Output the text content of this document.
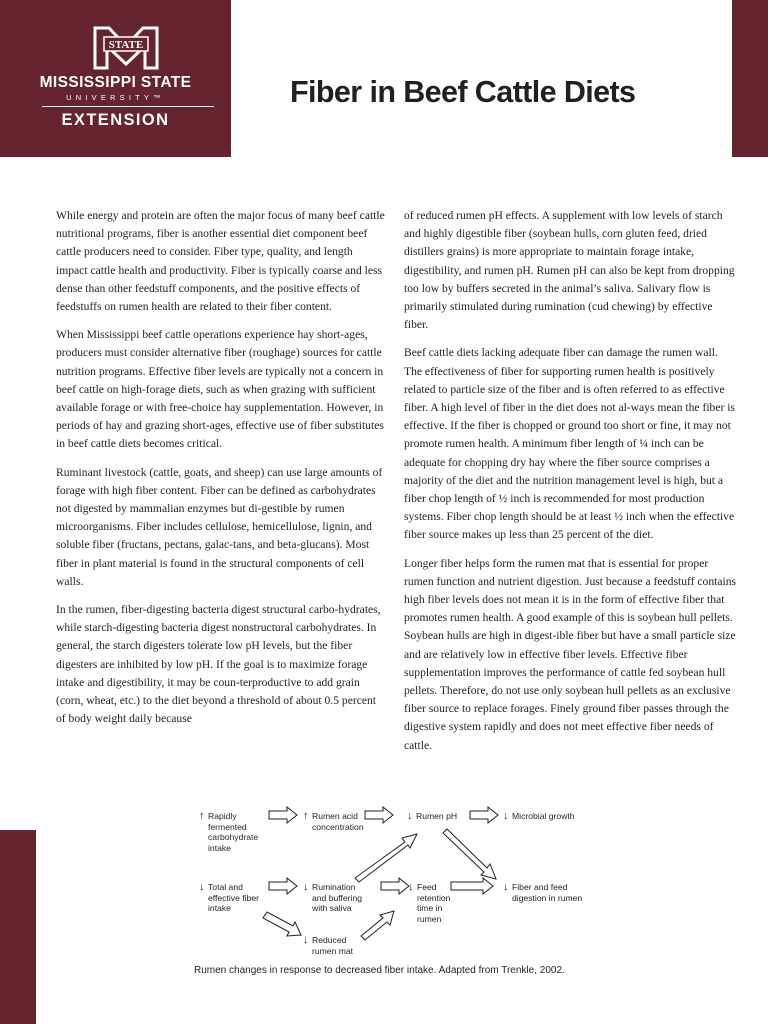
STATE
MISSISSIPPI STATE
UNIVERSITY™
EXTENSION
Fiber in Beef Cattle Diets

While energy and protein are often the major focus of many beef cattle nutritional programs, fiber is another essential diet component beef cattle producers need to consider. Fiber type, quality, and length impact cattle health and productivity. Fiber is typically coarse and less dense than other feedstuff components, and the positive effects of feedstuffs on rumen health are related to their fiber content.

When Mississippi beef cattle operations experience hay short-ages, producers must consider alternative fiber (roughage) sources for cattle nutrition programs. Effective fiber levels are typically not a concern in beef cattle on high-forage diets, such as when grazing with sufficient available forage or with free-choice hay supplementation. However, in periods of hay and grazing short-ages, effective use of fiber substitutes in beef cattle diets becomes critical.

Ruminant livestock (cattle, goats, and sheep) can use large amounts of forage with high fiber content. Fiber can be defined as carbohydrates not digested by mammalian enzymes but di-gestible by rumen microorganisms. Fiber includes cellulose, hemicellulose, lignin, and soluble fiber (fructans, pectans, galac-tans, and beta-glucans). Most fiber in plant material is found in the structural components of cell walls.

In the rumen, fiber-digesting bacteria digest structural carbo-hydrates, while starch-digesting bacteria digest nonstructural carbohydrates. In general, the starch digesters tolerate low pH levels, but the fiber digesters are inhibited by low pH. If the goal is to maximize forage intake and digestibility, it may be coun-terproductive to add grain (corn, wheat, etc.) to the diet beyond a threshold of about 0.5 percent of body weight daily because

of reduced rumen pH effects. A supplement with low levels of starch and highly digestible fiber (soybean hulls, corn gluten feed, dried distillers grains) is more appropriate to maintain forage intake, digestibility, and rumen pH. Rumen pH can also be kept from dropping too low by buffers secreted in the animal’s saliva. Salivary flow is primarily stimulated during rumination (cud chewing) by effective fiber.

Beef cattle diets lacking adequate fiber can damage the rumen wall. The effectiveness of fiber for supporting rumen health is positively related to particle size of the fiber and is often referred to as effective fiber. A high level of fiber in the diet does not al-ways mean the fiber is effective. If the fiber is chopped or ground too short or fine, it may not promote rumen health. A minimum fiber length of ¼ inch can be adequate for chopping dry hay where the fiber source comprises a majority of the diet and the nutrition management level is high, but a fiber chop length of ½ inch is recommended for most production systems. Fiber chop length should be at least ½ inch when the effective fiber source makes up less than 25 percent of the diet.

Longer fiber helps form the rumen mat that is essential for proper rumen function and nutrient digestion. Just because a feedstuff contains high fiber levels does not mean it is in the form of effective fiber that promotes rumen health. A good example of this is soybean hull pellets. Soybean hulls are high in digest-ible fiber but have a small particle size and are relatively low in effective fiber levels. Effective fiber supplementation improves the performance of cattle fed soybean hull pellets. Therefore, do not use only soybean hull pellets as an exclusive fiber source to replace forages. Finely ground fiber passes through the digestive system rapidly and does not meet effective fiber needs of cattle.

↑ Rapidly
fermented
carbohydrate
intake
↑ Rumen acid
concentration
↓ Rumen pH	↓ Microbial growth
↓ Total and
effective fiber
intake
↓ Rumination
and buffering
with saliva
↓ Feed
retention
time in
rumen
↓ Fiber and feed
digestion in rumen
↓ Reduced
rumen mat
Rumen changes in response to decreased fiber intake. Adapted from Trenkle, 2002.
